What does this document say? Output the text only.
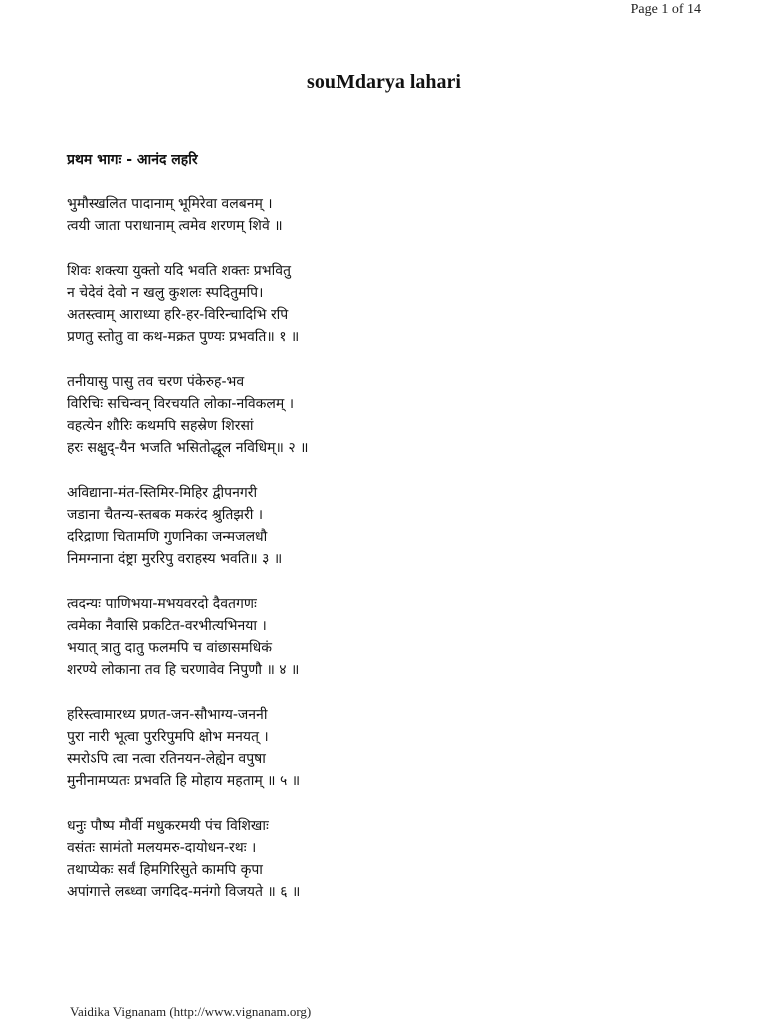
Page 1 of 14
souMdarya lahari
प्रथम भागः - आनंद लहरि
भुमौस्खलित पादानाम् भूमिरेवा वलबनम् ।
त्वयी जाता पराधानाम् त्वमेव शरणम् शिवे ॥
शिवः शक्त्या युक्तो यदि भवति शक्तः प्रभवितु
न चेदेवं देवो न खलु कुशलः स्पदितुमपि।
अतस्त्वाम् आराध्या हरि-हर-विरिन्चादिभि रपि
प्रणतु स्तोतु वा कथ-मक्रत पुण्यः प्रभवति॥ १ ॥
तनीयासु पासु तव चरण पंकेरुह-भव
विरिचिः सचिन्वन् विरचयति लोका-नविकलम् ।
वहत्येन शौरिः कथमपि सहस्रेण शिरसां
हरः सक्षुद्-यैन भजति भसितोद्धूल नविधिम्॥ २ ॥
अविद्याना-मंत-स्तिमिर-मिहिर द्वीपनगरी
जडाना चैतन्य-स्तबक मकरंद श्रुतिझरी ।
दरिद्राणा चितामणि गुणनिका जन्मजलधौ
निमग्नाना दंष्ट्रा मुररिपु वराहस्य भवति॥ ३ ॥
त्वदन्यः पाणिभया-मभयवरदो दैवतगणः
त्वमेका नैवासि प्रकटित-वरभीत्यभिनया ।
भयात् त्रातु दातु फलमपि च वांछासमधिकं
शरण्ये लोकाना तव हि चरणावेव निपुणौ ॥ ४ ॥
हरिस्त्वामारध्य प्रणत-जन-सौभाग्य-जननी
पुरा नारी भूत्वा पुररिपुमपि क्षोभ मनयत् ।
स्मरोऽपि त्वा नत्वा रतिनयन-लेह्येन वपुषा
मुनीनामप्यतः प्रभवति हि मोहाय महताम् ॥ ५ ॥
धनुः पौष्प मौर्वी मधुकरमयी पंच विशिखाः
वसंतः सामंतो मलयमरु-दायोधन-रथः ।
तथाप्येकः सर्वं हिमगिरिसुते कामपि कृपा
अपांगात्ते लब्ध्वा जगदिद-मनंगो विजयते ॥ ६ ॥
Vaidika Vignanam (http://www.vignanam.org)
